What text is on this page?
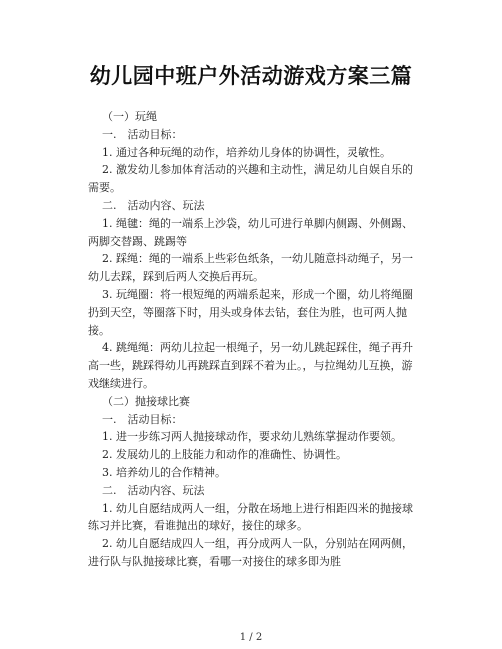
幼儿园中班户外活动游戏方案三篇

（一）玩绳

一.　活动目标：

1. 通过各种玩绳的动作，培养幼儿身体的协调性，灵敏性。

2. 激发幼儿参加体育活动的兴趣和主动性，满足幼儿自娱自乐的需要。

二.　活动内容、玩法

1. 绳毽：绳的一端系上沙袋，幼儿可进行单脚内侧踢、外侧踢、两脚交替踢、跳踢等

2. 踩绳：绳的一端系上些彩色纸条，一幼儿随意抖动绳子，另一幼儿去踩，踩到后两人交换后再玩。

3. 玩绳圈：将一根短绳的两端系起来，形成一个圈，幼儿将绳圈扔到天空，等圈落下时，用头或身体去钻，套住为胜，也可两人抛接。

4. 跳绳绳：两幼儿拉起一根绳子，另一幼儿跳起踩住，绳子再升高一些，跳踩得幼儿再跳踩直到踩不着为止。，与拉绳幼儿互换，游戏继续进行。

（二）抛接球比赛

一.　活动目标：

1. 进一步练习两人抛接球动作，要求幼儿熟练掌握动作要领。

2. 发展幼儿的上肢能力和动作的准确性、协调性。

3. 培养幼儿的合作精神。

二.　活动内容、玩法

1. 幼儿自愿结成两人一组，分散在场地上进行相距四米的抛接球练习并比赛，看谁抛出的球好，接住的球多。

2. 幼儿自愿结成四人一组，再分成两人一队，分别站在网两侧，进行队与队抛接球比赛，看哪一对接住的球多即为胜

1 / 2
